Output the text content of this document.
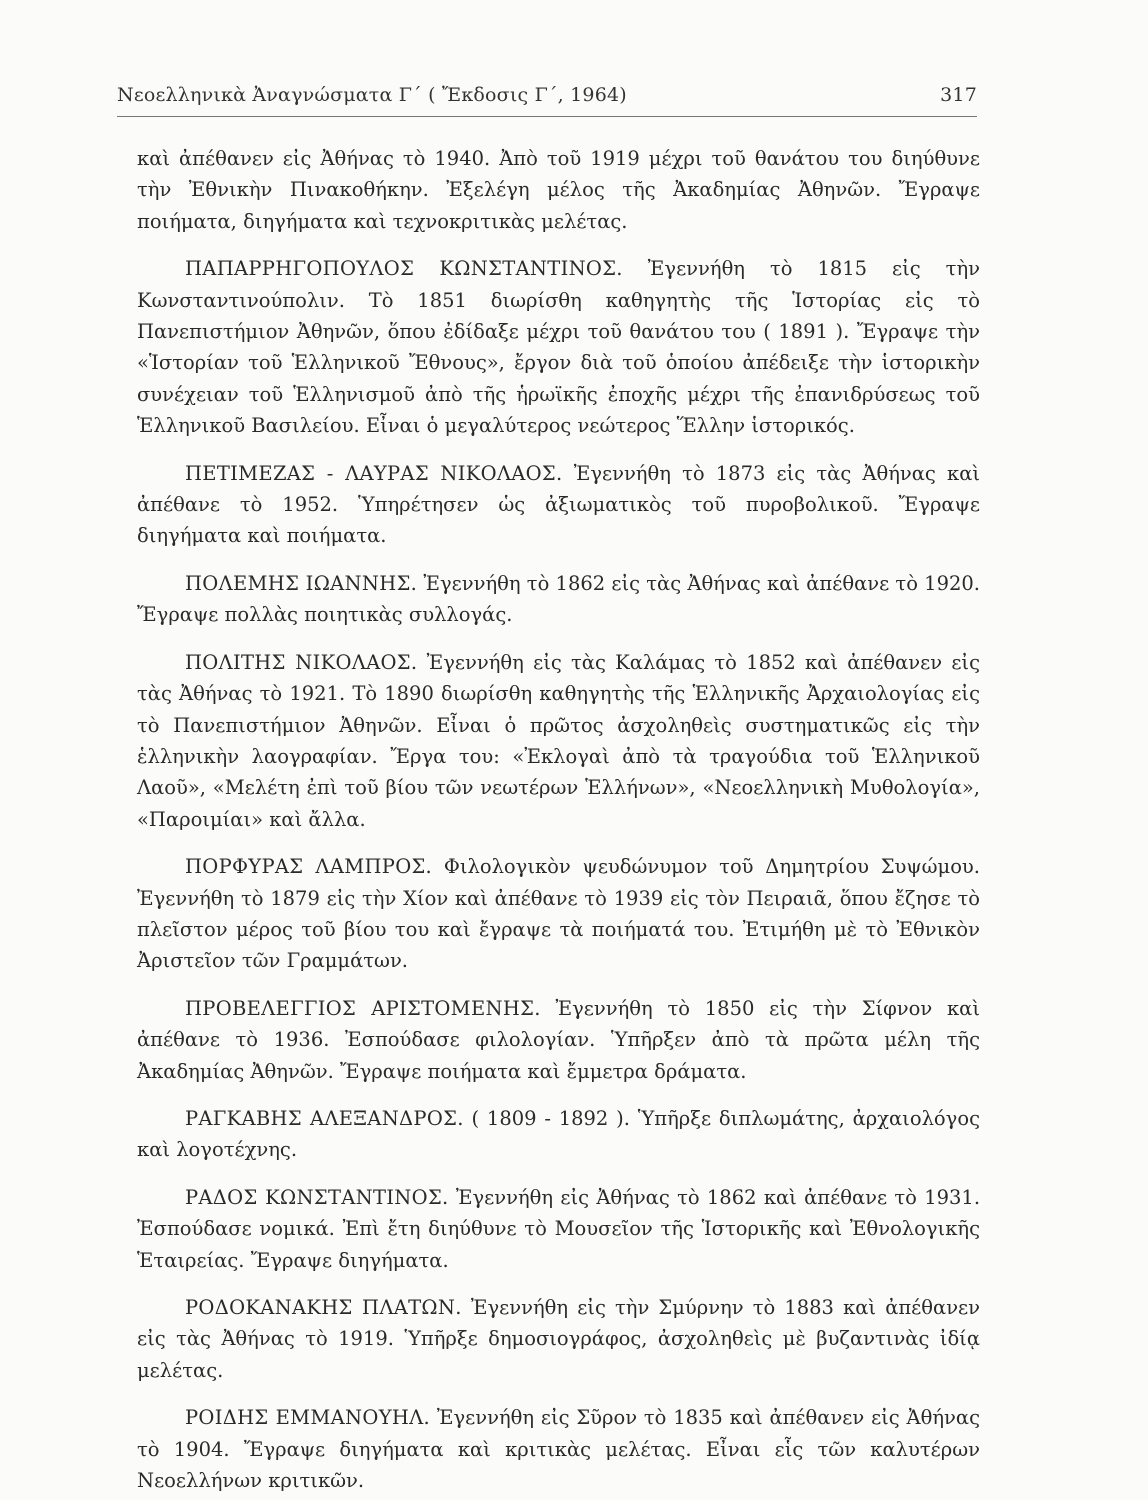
Νεοελληνικὰ Ἀναγνώσματα Γ΄ ( Ἔκδοσις Γ΄, 1964)	317

καὶ ἀπέθανεν εἰς Ἀθήνας τὸ 1940. Ἀπὸ τοῦ 1919 μέχρι τοῦ θανάτου του διηύθυνε τὴν Ἐθνικὴν Πινακοθήκην. Ἐξελέγη μέλος τῆς Ἀκαδημίας Ἀθηνῶν. Ἔγραψε ποιήματα, διηγήματα καὶ τεχνοκριτικὰς μελέτας.

ΠΑΠΑΡΡΗΓΟΠΟΥΛΟΣ ΚΩΝΣΤΑΝΤΙΝΟΣ. Ἐγεννήθη τὸ 1815 εἰς τὴν Κωνσταντινούπολιν. Τὸ 1851 διωρίσθη καθηγητὴς τῆς Ἱστορίας εἰς τὸ Πανεπιστήμιον Ἀθηνῶν, ὅπου ἐδίδαξε μέχρι τοῦ θανάτου του ( 1891 ). Ἔγραψε τὴν «Ἱστορίαν τοῦ Ἑλληνικοῦ Ἔθνους», ἔργον διὰ τοῦ ὁποίου ἀπέδειξε τὴν ἱστορικὴν συνέχειαν τοῦ Ἑλληνισμοῦ ἀπὸ τῆς ἡρωϊκῆς ἐποχῆς μέχρι τῆς ἐπανιδρύσεως τοῦ Ἑλληνικοῦ Βασιλείου. Εἶναι ὁ μεγαλύτερος νεώτερος Ἕλλην ἱστορικός.

ΠΕΤΙΜΕΖΑΣ - ΛΑΥΡΑΣ ΝΙΚΟΛΑΟΣ. Ἐγεννήθη τὸ 1873 εἰς τὰς Ἀθήνας καὶ ἀπέθανε τὸ 1952. Ὑπηρέτησεν ὡς ἀξιωματικὸς τοῦ πυροβολικοῦ. Ἔγραψε διηγήματα καὶ ποιήματα.

ΠΟΛΕΜΗΣ ΙΩΑΝΝΗΣ. Ἐγεννήθη τὸ 1862 εἰς τὰς Ἀθήνας καὶ ἀπέθανε τὸ 1920. Ἔγραψε πολλὰς ποιητικὰς συλλογάς.

ΠΟΛΙΤΗΣ ΝΙΚΟΛΑΟΣ. Ἐγεννήθη εἰς τὰς Καλάμας τὸ 1852 καὶ ἀπέθανεν εἰς τὰς Ἀθήνας τὸ 1921. Τὸ 1890 διωρίσθη καθηγητὴς τῆς Ἑλληνικῆς Ἀρχαιολογίας εἰς τὸ Πανεπιστήμιον Ἀθηνῶν. Εἶναι ὁ πρῶτος ἀσχοληθεὶς συστηματικῶς εἰς τὴν ἑλληνικὴν λαογραφίαν. Ἔργα του: «Ἐκλογαὶ ἀπὸ τὰ τραγούδια τοῦ Ἑλληνικοῦ Λαοῦ», «Μελέτη ἐπὶ τοῦ βίου τῶν νεωτέρων Ἑλλήνων», «Νεοελληνικὴ Μυθολογία», «Παροιμίαι» καὶ ἄλλα.

ΠΟΡΦΥΡΑΣ ΛΑΜΠΡΟΣ. Φιλολογικὸν ψευδώνυμον τοῦ Δημητρίου Συψώμου. Ἐγεννήθη τὸ 1879 εἰς τὴν Χίον καὶ ἀπέθανε τὸ 1939 εἰς τὸν Πειραιᾶ, ὅπου ἔζησε τὸ πλεῖστον μέρος τοῦ βίου του καὶ ἔγραψε τὰ ποιήματά του. Ἐτιμήθη μὲ τὸ Ἐθνικὸν Ἀριστεῖον τῶν Γραμμάτων.

ΠΡΟΒΕΛΕΓΓΙΟΣ ΑΡΙΣΤΟΜΕΝΗΣ. Ἐγεννήθη τὸ 1850 εἰς τὴν Σίφνον καὶ ἀπέθανε τὸ 1936. Ἐσπούδασε φιλολογίαν. Ὑπῆρξεν ἀπὸ τὰ πρῶτα μέλη τῆς Ἀκαδημίας Ἀθηνῶν. Ἔγραψε ποιήματα καὶ ἔμμετρα δράματα.

ΡΑΓΚΑΒΗΣ ΑΛΕΞΑΝΔΡΟΣ. ( 1809 - 1892 ). Ὑπῆρξε διπλωμάτης, ἀρχαιολόγος καὶ λογοτέχνης.

ΡΑΔΟΣ ΚΩΝΣΤΑΝΤΙΝΟΣ. Ἐγεννήθη εἰς Ἀθήνας τὸ 1862 καὶ ἀπέθανε τὸ 1931. Ἐσπούδασε νομικά. Ἐπὶ ἔτη διηύθυνε τὸ Μουσεῖον τῆς Ἱστορικῆς καὶ Ἐθνολογικῆς Ἑταιρείας. Ἔγραψε διηγήματα.

ΡΟΔΟΚΑΝΑΚΗΣ ΠΛΑΤΩΝ. Ἐγεννήθη εἰς τὴν Σμύρνην τὸ 1883 καὶ ἀπέθανεν εἰς τὰς Ἀθήνας τὸ 1919. Ὑπῆρξε δημοσιογράφος, ἀσχοληθεὶς μὲ βυζαντινὰς ἰδίᾳ μελέτας.

ΡΟΙΔΗΣ ΕΜΜΑΝΟΥΗΛ. Ἐγεννήθη εἰς Σῦρον τὸ 1835 καὶ ἀπέθανεν εἰς Ἀθήνας τὸ 1904. Ἔγραψε διηγήματα καὶ κριτικὰς μελέτας. Εἶναι εἷς τῶν καλυτέρων Νεοελλήνων κριτικῶν.
